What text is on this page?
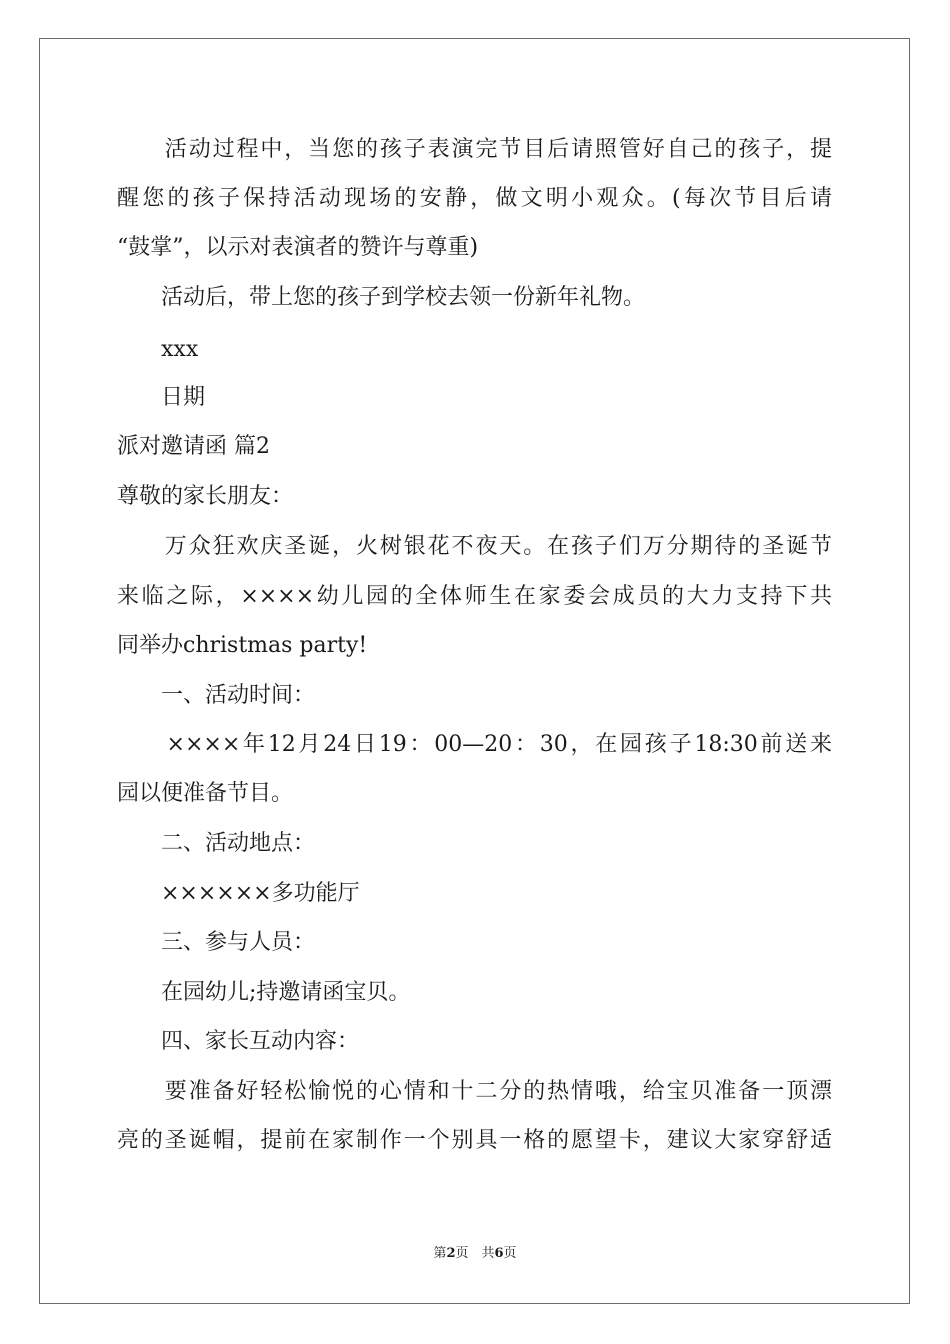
　　活动过程中，当您的孩子表演完节目后请照管好自己的孩子，提

醒您的孩子保持活动现场的安静，做文明小观众。(每次节目后请

“鼓掌”，以示对表演者的赞许与尊重)

　　活动后，带上您的孩子到学校去领一份新年礼物。

　　xxx

　　日期

派对邀请函 篇2

尊敬的家长朋友：

　　万众狂欢庆圣诞，火树银花不夜天。在孩子们万分期待的圣诞节

来临之际，××××幼儿园的全体师生在家委会成员的大力支持下共

同举办christmas party!

　　一、活动时间：

　　××××年12月24日19：00—20：30，在园孩子18:30前送来

园以便准备节目。

　　二、活动地点：

　　××××××多功能厅

　　三、参与人员：

　　在园幼儿;持邀请函宝贝。

　　四、家长互动内容：

　　要准备好轻松愉悦的心情和十二分的热情哦，给宝贝准备一顶漂

亮的圣诞帽，提前在家制作一个别具一格的愿望卡，建议大家穿舒适

第2页　共6页
